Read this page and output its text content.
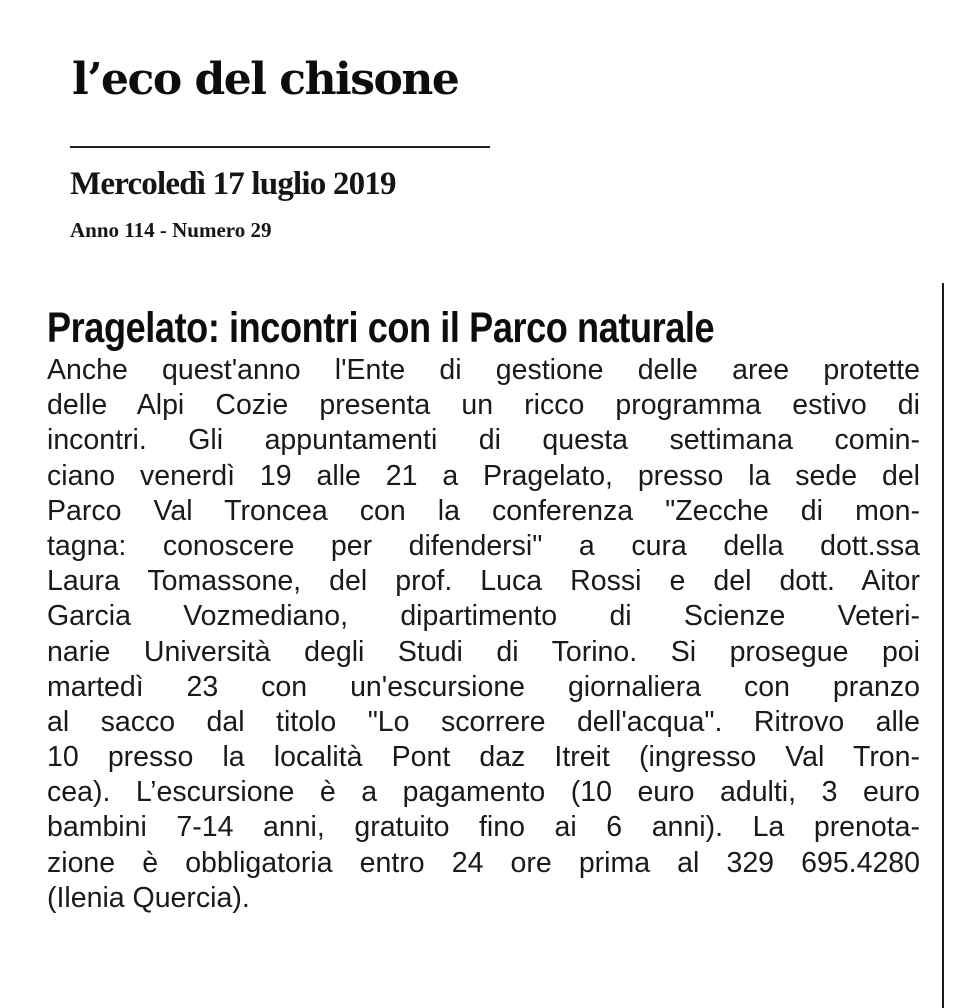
l’eco del chisone
Mercoledì 17 luglio 2019
Anno 114 - Numero 29
Pragelato: incontri con il Parco naturale
Anche quest'anno l'Ente di gestione delle aree protette
delle Alpi Cozie presenta un ricco programma estivo di
incontri. Gli appuntamenti di questa settimana comin-
ciano venerdì 19 alle 21 a Pragelato, presso la sede del
Parco Val Troncea con la conferenza "Zecche di mon-
tagna: conoscere per difendersi" a cura della dott.ssa
Laura Tomassone, del prof. Luca Rossi e del dott. Aitor
Garcia Vozmediano, dipartimento di Scienze Veteri-
narie Università degli Studi di Torino. Si prosegue poi
martedì 23 con un'escursione giornaliera con pranzo
al sacco dal titolo "Lo scorrere dell'acqua". Ritrovo alle
10 presso la località Pont daz Itreit (ingresso Val Tron-
cea). L’escursione è a pagamento (10 euro adulti, 3 euro
bambini 7-14 anni, gratuito fino ai 6 anni). La prenota-
zione è obbligatoria entro 24 ore prima al 329 695.4280
(Ilenia Quercia).
